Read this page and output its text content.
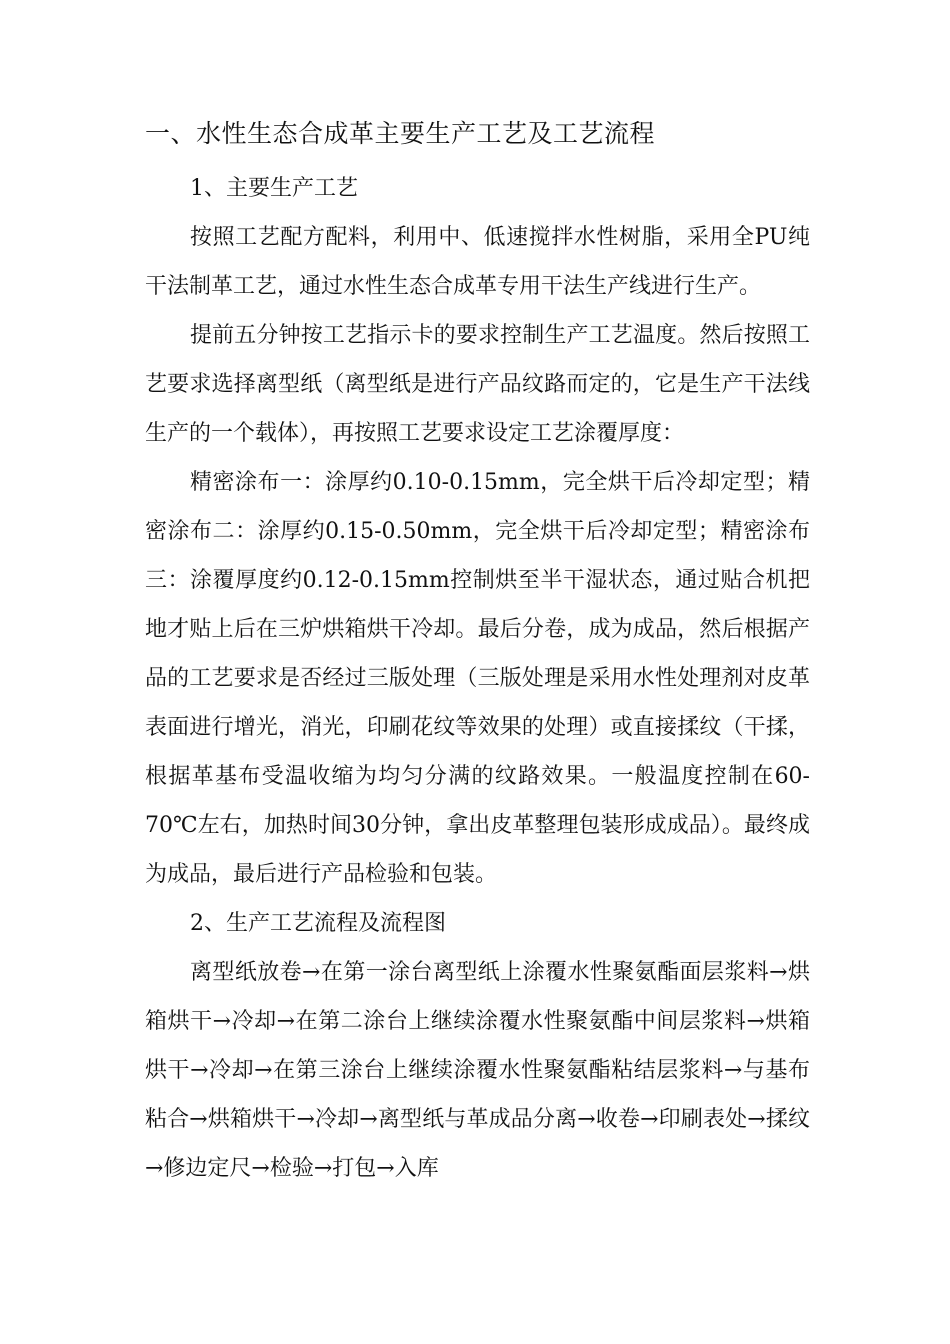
一、水性生态合成革主要生产工艺及工艺流程

1、主要生产工艺

按照工艺配方配料，利用中、低速搅拌水性树脂，采用全PU纯干法制革工艺，通过水性生态合成革专用干法生产线进行生产。

提前五分钟按工艺指示卡的要求控制生产工艺温度。然后按照工艺要求选择离型纸（离型纸是进行产品纹路而定的，它是生产干法线生产的一个载体），再按照工艺要求设定工艺涂覆厚度：

精密涂布一：涂厚约0.10-0.15mm，完全烘干后冷却定型；精密涂布二：涂厚约0.15-0.50mm，完全烘干后冷却定型；精密涂布三：涂覆厚度约0.12-0.15mm控制烘至半干湿状态，通过贴合机把地才贴上后在三炉烘箱烘干冷却。最后分卷，成为成品，然后根据产品的工艺要求是否经过三版处理（三版处理是采用水性处理剂对皮革表面进行增光，消光，印刷花纹等效果的处理）或直接揉纹（干揉，根据革基布受温收缩为均匀分满的纹路效果。一般温度控制在60-70℃左右，加热时间30分钟，拿出皮革整理包装形成成品）。最终成为成品，最后进行产品检验和包装。

2、生产工艺流程及流程图

离型纸放卷→在第一涂台离型纸上涂覆水性聚氨酯面层浆料→烘箱烘干→冷却→在第二涂台上继续涂覆水性聚氨酯中间层浆料→烘箱烘干→冷却→在第三涂台上继续涂覆水性聚氨酯粘结层浆料→与基布粘合→烘箱烘干→冷却→离型纸与革成品分离→收卷→印刷表处→揉纹→修边定尺→检验→打包→入库
